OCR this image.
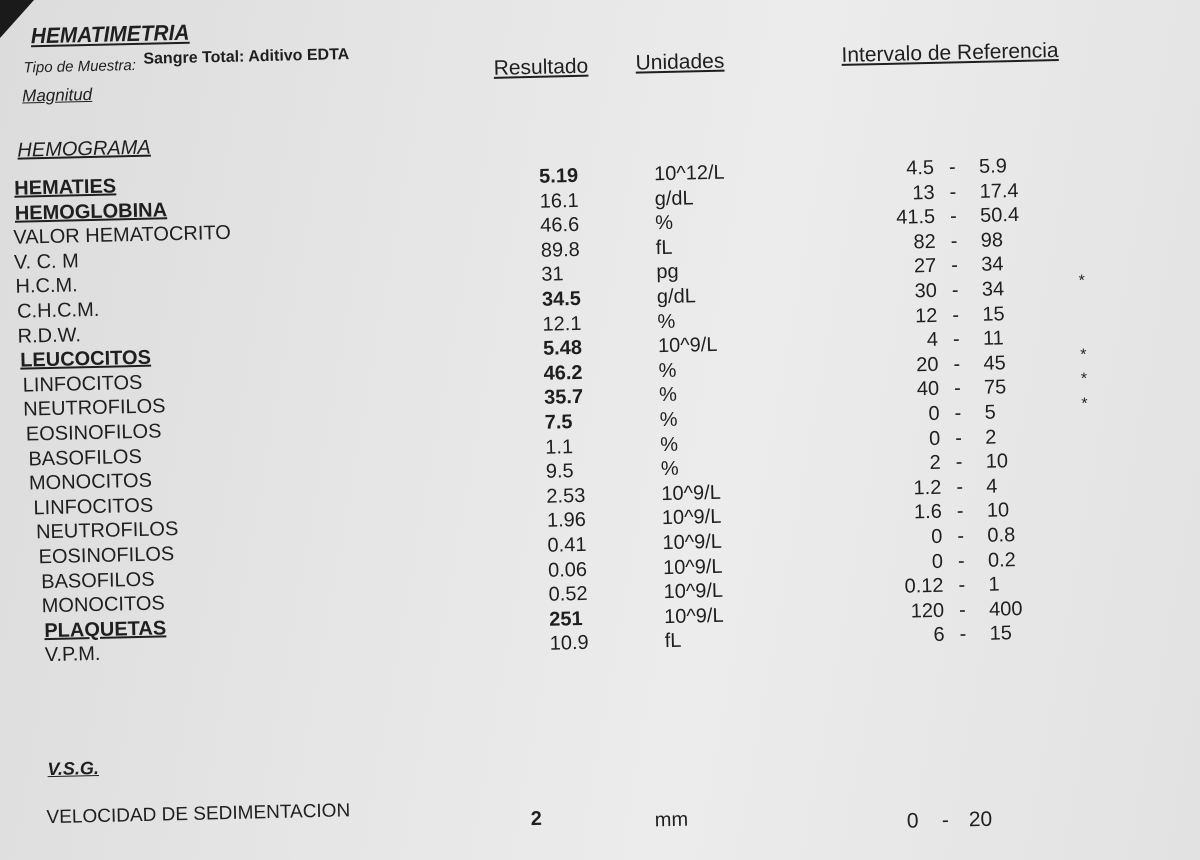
HEMATIMETRIA
Tipo de Muestra: Sangre Total: Aditivo EDTA
Magnitud
Resultado Unidades	Intervalo de Referencia
HEMOGRAMA
HEMATIES	5.19	10^12/L	4.5 - 5.9
HEMOGLOBINA	16.1	g/dL	13 - 17.4
VALOR HEMATOCRITO	46.6	%	41.5 - 50.4
V. C. M	89.8	fL	82 - 98
H.C.M.	31	pg	27 - 34
C.H.C.M.	34.5	g/dL	30 - 34	*
R.D.W.	12.1	%	12 - 15
LEUCOCITOS	5.48	10^9/L	4 - 11
LINFOCITOS	46.2	%	20 - 45	*
NEUTROFILOS	35.7	%	40 - 75	*
EOSINOFILOS	7.5	%	0 - 5	*
BASOFILOS	1.1	%	0 - 2
MONOCITOS	9.5	%	2 - 10
LINFOCITOS	2.53	10^9/L	1.2 - 4
NEUTROFILOS	1.96	10^9/L	1.6 - 10
EOSINOFILOS	0.41	10^9/L	0 - 0.8
BASOFILOS	0.06	10^9/L	0 - 0.2
MONOCITOS	0.52	10^9/L	0.12 - 1
PLAQUETAS	251	10^9/L	120 - 400
V.P.M.	10.9	fL	6 - 15
V.S.G.
VELOCIDAD DE SEDIMENTACION	2	mm	0 - 20
